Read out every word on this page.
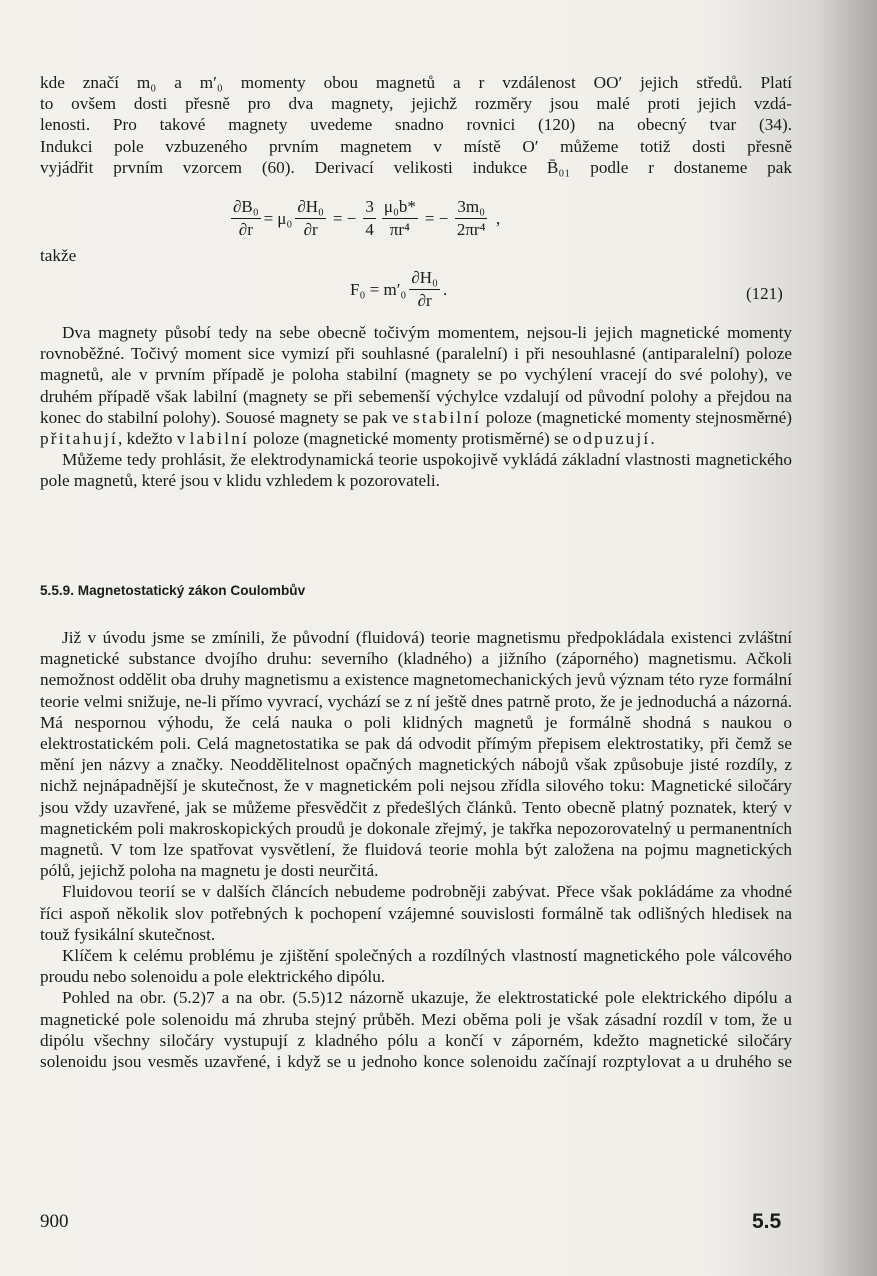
kde značí m₀ a m′₀ momenty obou magnetů a r vzdálenost OO′ jejich středů. Platí

to ovšem dosti přesně pro dva magnety, jejichž rozměry jsou malé proti jejich vzdá-

lenosti. Pro takové magnety uvedeme snadno rovnici (120) na obecný tvar (34).

Indukci pole vzbuzeného prvním magnetem v místě O′ můžeme totiž dosti přesně

vyjádřit prvním vzorcem (60). Derivací velikosti indukce B̄₀₁ podle r dostaneme pak

$\frac{\text{∂B₀}}{\partial r} = \mu_0 \frac{\text{∂H₀}}{\partial r}$ = − $\frac{3}{4} \frac{\text{μ₀b*}}{\text{πr⁴}}$ = − $\frac{\text{3m₀}}{\text{2πr⁴}}$ ,
takže
$F_0 = m'_0 \frac{\text{∂H₀}}{\partial r}$ .	(121)

Dva magnety působí tedy na sebe obecně točivým momentem, nejsou-li jejich magnetické momenty rovnoběžné. Točivý moment sice vymizí při souhlasné (paralelní) i při nesouhlasné (antiparalelní) poloze magnetů, ale v prvním případě je poloha stabilní (magnety se po vychýlení vracejí do své polohy), ve druhém případě však labilní (magnety se při sebemenší výchylce vzdalují od původní polohy a přejdou na konec do stabilní polohy). Souosé magnety se pak ve stabilní poloze (magnetické momenty stejnosměrné) přitahují, kdežto v labilní poloze (magnetické momenty protisměrné) se odpuzují.

Můžeme tedy prohlásit, že elektrodynamická teorie uspokojivě vykládá základní vlastnosti magnetického pole magnetů, které jsou v klidu vzhledem k pozorovateli.

5.5.9. Magnetostatický zákon Coulombův

Již v úvodu jsme se zmínili, že původní (fluidová) teorie magnetismu předpokládala existenci zvláštní magnetické substance dvojího druhu: severního (kladného) a jižního (záporného) magnetismu. Ačkoli nemožnost oddělit oba druhy magnetismu a existence magnetomechanických jevů význam této ryze formální teorie velmi snižuje, ne-li přímo vyvrací, vychází se z ní ještě dnes patrně proto, že je jednoduchá a názorná. Má nespornou výhodu, že celá nauka o poli klidných magnetů je formálně shodná s naukou o elektrostatickém poli. Celá magnetostatika se pak dá odvodit přímým přepisem elektrostatiky, při čemž se mění jen názvy a značky. Neoddělitelnost opačných magnetických nábojů však způsobuje jisté rozdíly, z nichž nejnápadnější je skutečnost, že v magnetickém poli nejsou zřídla silového toku: Magnetické siločáry jsou vždy uzavřené, jak se můžeme přesvědčit z předešlých článků. Tento obecně platný poznatek, který v magnetickém poli makroskopických proudů je dokonale zřejmý, je takřka nepozorovatelný u permanentních magnetů. V tom lze spatřovat vysvětlení, že fluidová teorie mohla být založena na pojmu magnetických pólů, jejichž poloha na magnetu je dosti neurčitá.

Fluidovou teorií se v dalších článcích nebudeme podrobněji zabývat. Přece však pokládáme za vhodné říci aspoň několik slov potřebných k pochopení vzájemné souvislosti formálně tak odlišných hledisek na touž fysikální skutečnost.

Klíčem k celému problému je zjištění společných a rozdílných vlastností magnetického pole válcového proudu nebo solenoidu a pole elektrického dipólu.

Pohled na obr. (5.2)7 a na obr. (5.5)12 názorně ukazuje, že elektrostatické pole elektrického dipólu a magnetické pole solenoidu má zhruba stejný průběh. Mezi oběma poli je však zásadní rozdíl v tom, že u dipólu všechny siločáry vystupují z kladného pólu a končí v záporném, kdežto magnetické siločáry solenoidu jsou vesměs uzavřené, i když se u jednoho konce solenoidu začínají rozptylovat a u druhého se

900	5.5
